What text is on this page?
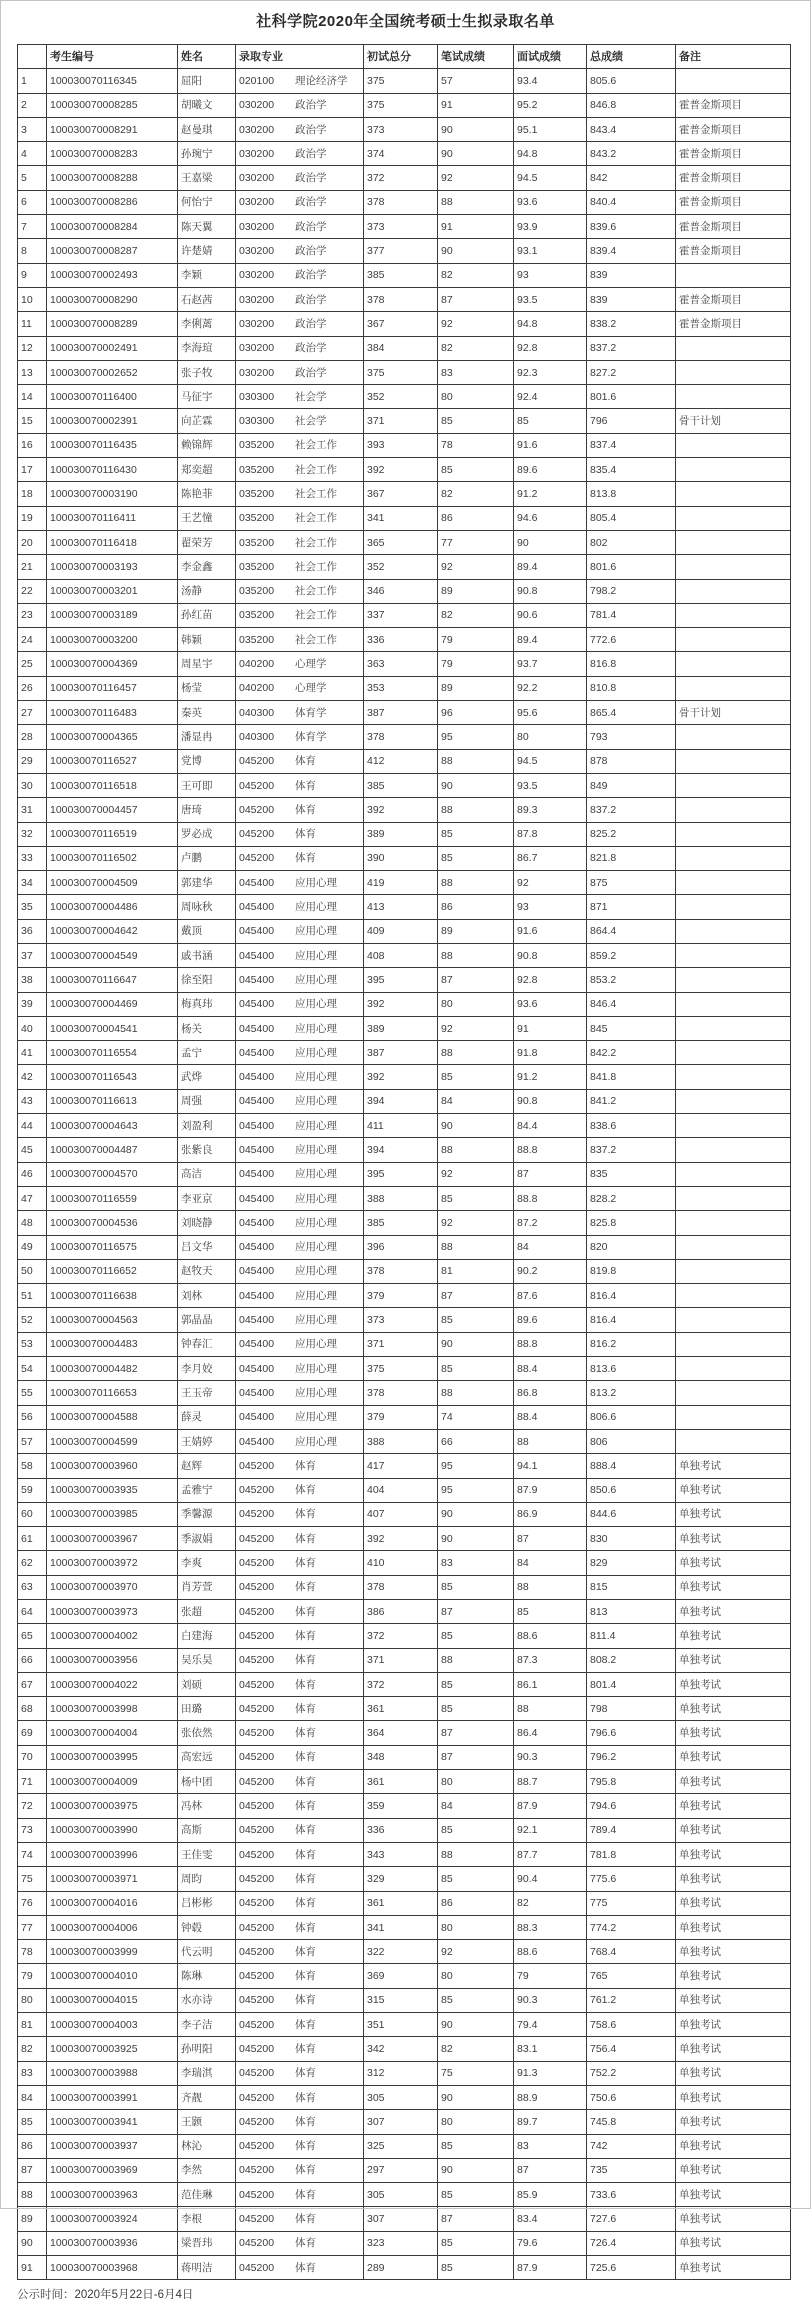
社科学院2020年全国统考硕士生拟录取名单
	考生编号	姓名	录取专业	初试总分	笔试成绩	面试成绩	总成绩	备注
1	100030070116345	屈阳	020100 理论经济学	375	57	93.4	805.6	
2	100030070008285	胡曦文	030200 政治学	375	91	95.2	846.8	霍普金斯项目
3	100030070008291	赵曼琪	030200 政治学	373	90	95.1	843.4	霍普金斯项目
4	100030070008283	孙琬宁	030200 政治学	374	90	94.8	843.2	霍普金斯项目
5	100030070008288	王嘉梁	030200 政治学	372	92	94.5	842	霍普金斯项目
6	100030070008286	何怡宁	030200 政治学	378	88	93.6	840.4	霍普金斯项目
7	100030070008284	陈天翼	030200 政治学	373	91	93.9	839.6	霍普金斯项目
8	100030070008287	许楚婧	030200 政治学	377	90	93.1	839.4	霍普金斯项目
9	100030070002493	李颖	030200 政治学	385	82	93	839	
10	100030070008290	石赵茜	030200 政治学	378	87	93.5	839	霍普金斯项目
11	100030070008289	李俐蓠	030200 政治学	367	92	94.8	838.2	霍普金斯项目
12	100030070002491	李海瑄	030200 政治学	384	82	92.8	837.2	
13	100030070002652	张子牧	030200 政治学	375	83	92.3	827.2	
14	100030070116400	马征宇	030300 社会学	352	80	92.4	801.6	
15	100030070002391	向芷霖	030300 社会学	371	85	85	796	骨干计划
16	100030070116435	赖锦辉	035200 社会工作	393	78	91.6	837.4	
17	100030070116430	郑奕超	035200 社会工作	392	85	89.6	835.4	
18	100030070003190	陈艳菲	035200 社会工作	367	82	91.2	813.8	
19	100030070116411	王艺憧	035200 社会工作	341	86	94.6	805.4	
20	100030070116418	翟荣芳	035200 社会工作	365	77	90	802	
21	100030070003193	李金鑫	035200 社会工作	352	92	89.4	801.6	
22	100030070003201	汤静	035200 社会工作	346	89	90.8	798.2	
23	100030070003189	孙红苗	035200 社会工作	337	82	90.6	781.4	
24	100030070003200	韩颖	035200 社会工作	336	79	89.4	772.6	
25	100030070004369	周星宇	040200 心理学	363	79	93.7	816.8	
26	100030070116457	杨莹	040200 心理学	353	89	92.2	810.8	
27	100030070116483	秦英	040300 体育学	387	96	95.6	865.4	骨干计划
28	100030070004365	潘显冉	040300 体育学	378	95	80	793	
29	100030070116527	党博	045200 体育	412	88	94.5	878	
30	100030070116518	王可即	045200 体育	385	90	93.5	849	
31	100030070004457	唐琦	045200 体育	392	88	89.3	837.2	
32	100030070116519	罗必成	045200 体育	389	85	87.8	825.2	
33	100030070116502	卢鹏	045200 体育	390	85	86.7	821.8	
34	100030070004509	郭建华	045400 应用心理	419	88	92	875	
35	100030070004486	周咏秋	045400 应用心理	413	86	93	871	
36	100030070004642	戴顶	045400 应用心理	409	89	91.6	864.4	
37	100030070004549	戚书涵	045400 应用心理	408	88	90.8	859.2	
38	100030070116647	徐至阳	045400 应用心理	395	87	92.8	853.2	
39	100030070004469	梅真玮	045400 应用心理	392	80	93.6	846.4	
40	100030070004541	杨关	045400 应用心理	389	92	91	845	
41	100030070116554	孟宁	045400 应用心理	387	88	91.8	842.2	
42	100030070116543	武烨	045400 应用心理	392	85	91.2	841.8	
43	100030070116613	周强	045400 应用心理	394	84	90.8	841.2	
44	100030070004643	刘盈利	045400 应用心理	411	90	84.4	838.6	
45	100030070004487	张紫良	045400 应用心理	394	88	88.8	837.2	
46	100030070004570	高洁	045400 应用心理	395	92	87	835	
47	100030070116559	李亚京	045400 应用心理	388	85	88.8	828.2	
48	100030070004536	刘晓静	045400 应用心理	385	92	87.2	825.8	
49	100030070116575	吕文华	045400 应用心理	396	88	84	820	
50	100030070116652	赵牧天	045400 应用心理	378	81	90.2	819.8	
51	100030070116638	刘林	045400 应用心理	379	87	87.6	816.4	
52	100030070004563	郭晶晶	045400 应用心理	373	85	89.6	816.4	
53	100030070004483	钟春汇	045400 应用心理	371	90	88.8	816.2	
54	100030070004482	李月姣	045400 应用心理	375	85	88.4	813.6	
55	100030070116653	王玉帝	045400 应用心理	378	88	86.8	813.2	
56	100030070004588	薛灵	045400 应用心理	379	74	88.4	806.6	
57	100030070004599	王婧婷	045400 应用心理	388	66	88	806	
58	100030070003960	赵辉	045200 体育	417	95	94.1	888.4	单独考试
59	100030070003935	孟雅宁	045200 体育	404	95	87.9	850.6	单独考试
60	100030070003985	季馨源	045200 体育	407	90	86.9	844.6	单独考试
61	100030070003967	季淑娟	045200 体育	392	90	87	830	单独考试
62	100030070003972	李爽	045200 体育	410	83	84	829	单独考试
63	100030070003970	肖芳萱	045200 体育	378	85	88	815	单独考试
64	100030070003973	张超	045200 体育	386	87	85	813	单独考试
65	100030070004002	白建海	045200 体育	372	85	88.6	811.4	单独考试
66	100030070003956	吴乐昊	045200 体育	371	88	87.3	808.2	单独考试
67	100030070004022	刘硕	045200 体育	372	85	86.1	801.4	单独考试
68	100030070003998	田璐	045200 体育	361	85	88	798	单独考试
69	100030070004004	张依然	045200 体育	364	87	86.4	796.6	单独考试
70	100030070003995	高宏远	045200 体育	348	87	90.3	796.2	单独考试
71	100030070004009	杨中团	045200 体育	361	80	88.7	795.8	单独考试
72	100030070003975	冯林	045200 体育	359	84	87.9	794.6	单独考试
73	100030070003990	高斯	045200 体育	336	85	92.1	789.4	单独考试
74	100030070003996	王佳雯	045200 体育	343	88	87.7	781.8	单独考试
75	100030070003971	周昀	045200 体育	329	85	90.4	775.6	单独考试
76	100030070004016	吕彬彬	045200 体育	361	86	82	775	单独考试
77	100030070004006	钟毂	045200 体育	341	80	88.3	774.2	单独考试
78	100030070003999	代云明	045200 体育	322	92	88.6	768.4	单独考试
79	100030070004010	陈琳	045200 体育	369	80	79	765	单独考试
80	100030070004015	水亦诗	045200 体育	315	85	90.3	761.2	单独考试
81	100030070004003	李子洁	045200 体育	351	90	79.4	758.6	单独考试
82	100030070003925	孙明阳	045200 体育	342	82	83.1	756.4	单独考试
83	100030070003988	李瑞淇	045200 体育	312	75	91.3	752.2	单独考试
84	100030070003991	齐靓	045200 体育	305	90	88.9	750.6	单独考试
85	100030070003941	王颢	045200 体育	307	80	89.7	745.8	单独考试
86	100030070003937	林沁	045200 体育	325	85	83	742	单独考试
87	100030070003969	李然	045200 体育	297	90	87	735	单独考试
88	100030070003963	范佳琳	045200 体育	305	85	85.9	733.6	单独考试
89	100030070003924	李根	045200 体育	307	87	83.4	727.6	单独考试
90	100030070003936	梁晋玮	045200 体育	323	85	79.6	726.4	单独考试
91	100030070003968	蒋明洁	045200 体育	289	85	87.9	725.6	单独考试
公示时间：2020年5月22日-6月4日
